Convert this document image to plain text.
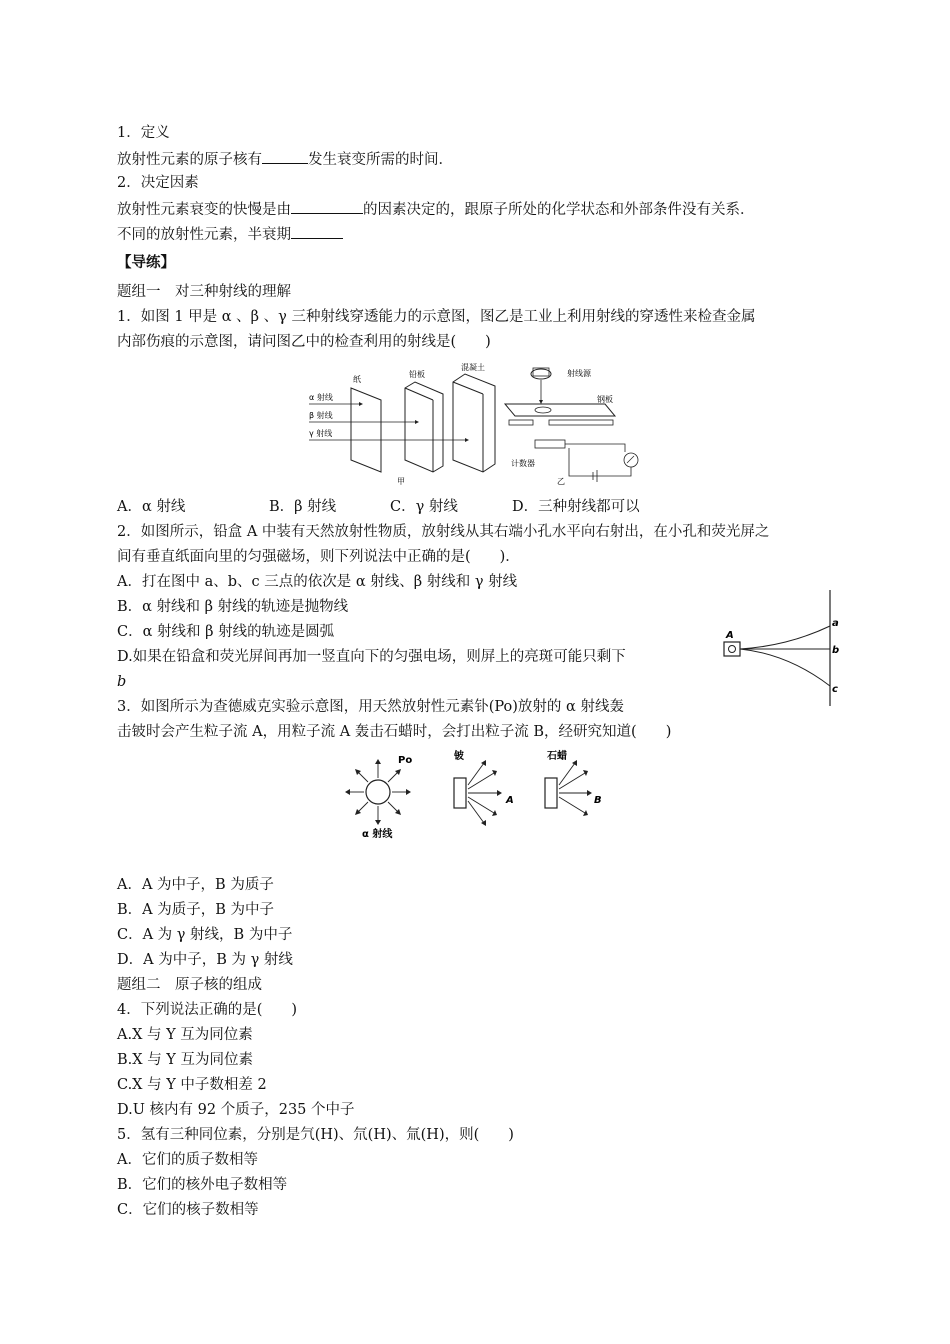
1．定义
放射性元素的原子核有	发生衰变所需的时间．
2．决定因素
放射性元素衰变的快慢是由	的因素决定的，跟原子所处的化学状态和外部条件没有关系．
不同的放射性元素，半衰期
【导练】
题组一　对三种射线的理解
1．如图 1 甲是 α 、β 、γ 三种射线穿透能力的示意图，图乙是工业上利用射线的穿透性来检查金属
内部伤痕的示意图，请问图乙中的检查利用的射线是(　　)
纸
铅板
混凝土
α 射线
β 射线
γ 射线
甲
射线源
钢板
计数器
乙
A．α 射线	B．β 射线	C．γ 射线	D．三种射线都可以
2．如图所示，铅盒 A 中装有天然放射性物质，放射线从其右端小孔水平向右射出，在小孔和荧光屏之
间有垂直纸面向里的匀强磁场，则下列说法中正确的是(　　)．
A．打在图中 a、b、c 三点的依次是 α 射线、β 射线和 γ 射线
B．α 射线和 β 射线的轨迹是抛物线
C．α 射线和 β 射线的轨迹是圆弧
D.如果在铅盒和荧光屏间再加一竖直向下的匀强电场，则屏上的亮斑可能只剩下
b
A
a
b
c
3．如图所示为查德威克实验示意图，用天然放射性元素钋(Po)放射的 α 射线轰
击铍时会产生粒子流 A，用粒子流 A 轰击石蜡时，会打出粒子流 B，经研究知道(　　)
Po
α 射线
铍
A
石蜡
B
A．A 为中子，B 为质子
B．A 为质子，B 为中子
C．A 为 γ 射线，B 为中子
D．A 为中子，B 为 γ 射线
题组二　原子核的组成
4．下列说法正确的是(　　)
A.X 与 Y 互为同位素
B.X 与 Y 互为同位素
C.X 与 Y 中子数相差 2
D.U 核内有 92 个质子，235 个中子
5．氢有三种同位素，分别是氕(H)、氘(H)、氚(H)，则(　　)
A．它们的质子数相等
B．它们的核外电子数相等
C．它们的核子数相等
